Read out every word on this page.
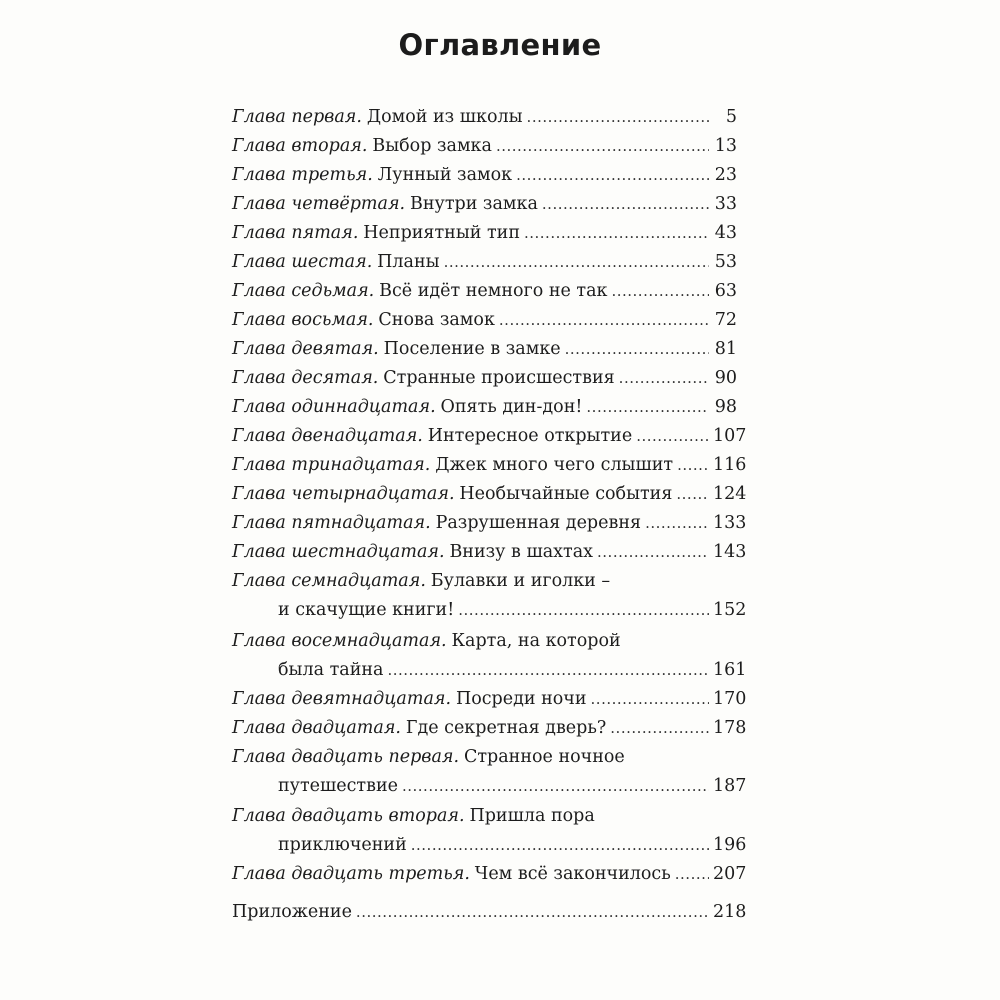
Оглавление
Глава первая. Домой из школы .....	5
Глава вторая. Выбор замка .....	13
Глава третья. Лунный замок .....	23
Глава четвёртая. Внутри замка .....	33
Глава пятая. Неприятный тип .....	43
Глава шестая. Планы .....	53
Глава седьмая. Всё идёт немного не так .....	63
Глава восьмая. Снова замок .....	72
Глава девятая. Поселение в замке .....	81
Глава десятая. Странные происшествия .....	90
Глава одиннадцатая. Опять дин-дон! .....	98
Глава двенадцатая. Интересное открытие .....	107
Глава тринадцатая. Джек много чего слышит ..... 116
Глава четырнадцатая. Необычайные события ..... 124
Глава пятнадцатая. Разрушенная деревня .....	133
Глава шестнадцатая. Внизу в шахтах .....	143
Глава семнадцатая. Булавки и иголки –
и скачущие книги! .....	152
Глава восемнадцатая. Карта, на которой
была тайна .....	161
Глава девятнадцатая. Посреди ночи .....	170
Глава двадцатая. Где секретная дверь? .....	178
Глава двадцать первая. Странное ночное
путешествие .....	187
Глава двадцать вторая. Пришла пора
приключений .....	196
Глава двадцать третья. Чем всё закончилось ..... 207
Приложение .....	218
